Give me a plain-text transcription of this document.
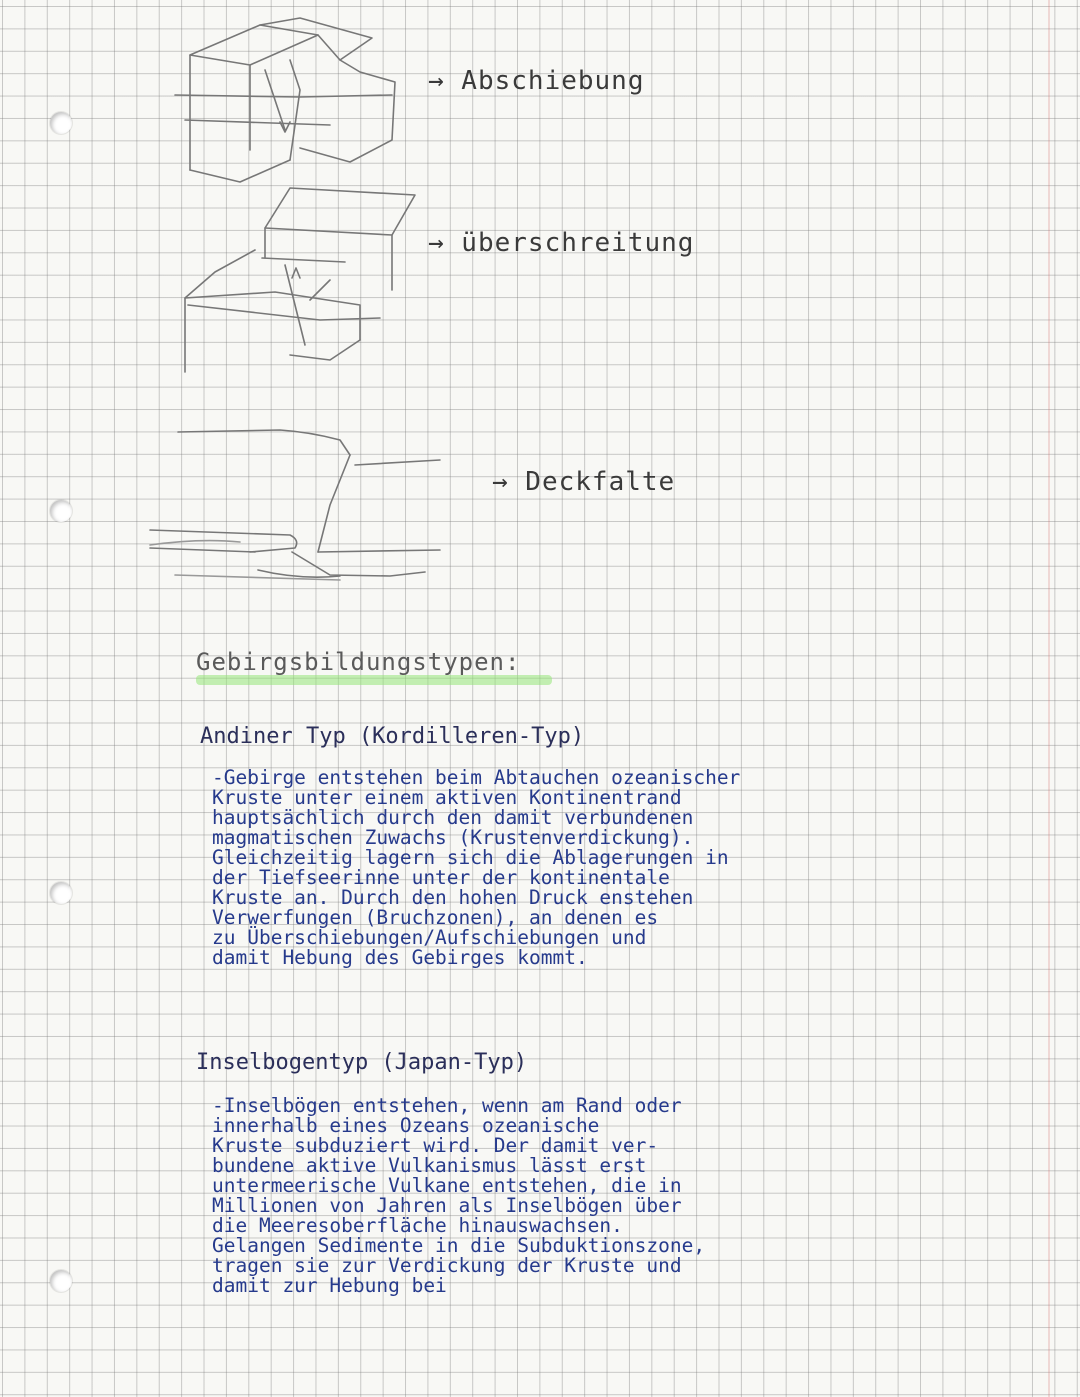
→ Abschiebung
→ überschreitung
→ Deckfalte
Gebirgsbildungstypen:
Andiner Typ (Kordilleren-Typ)
-Gebirge entstehen beim Abtauchen ozeanischer
Kruste unter einem aktiven Kontinentrand
hauptsächlich durch den damit verbundenen
magmatischen Zuwachs (Krustenverdickung).
Gleichzeitig lagern sich die Ablagerungen in
der Tiefseerinne unter der kontinentale
Kruste an. Durch den hohen Druck enstehen
Verwerfungen (Bruchzonen), an denen es
zu Überschiebungen/Aufschiebungen und
damit Hebung des Gebirges kommt.
Inselbogentyp (Japan-Typ)
-Inselbögen entstehen, wenn am Rand oder
innerhalb eines Ozeans ozeanische
Kruste subduziert wird. Der damit ver-
bundene aktive Vulkanismus lässt erst
untermeerische Vulkane entstehen, die in
Millionen von Jahren als Inselbögen über
die Meeresoberfläche hinauswachsen.
Gelangen Sedimente in die Subduktionszone,
tragen sie zur Verdickung der Kruste und
damit zur Hebung bei
